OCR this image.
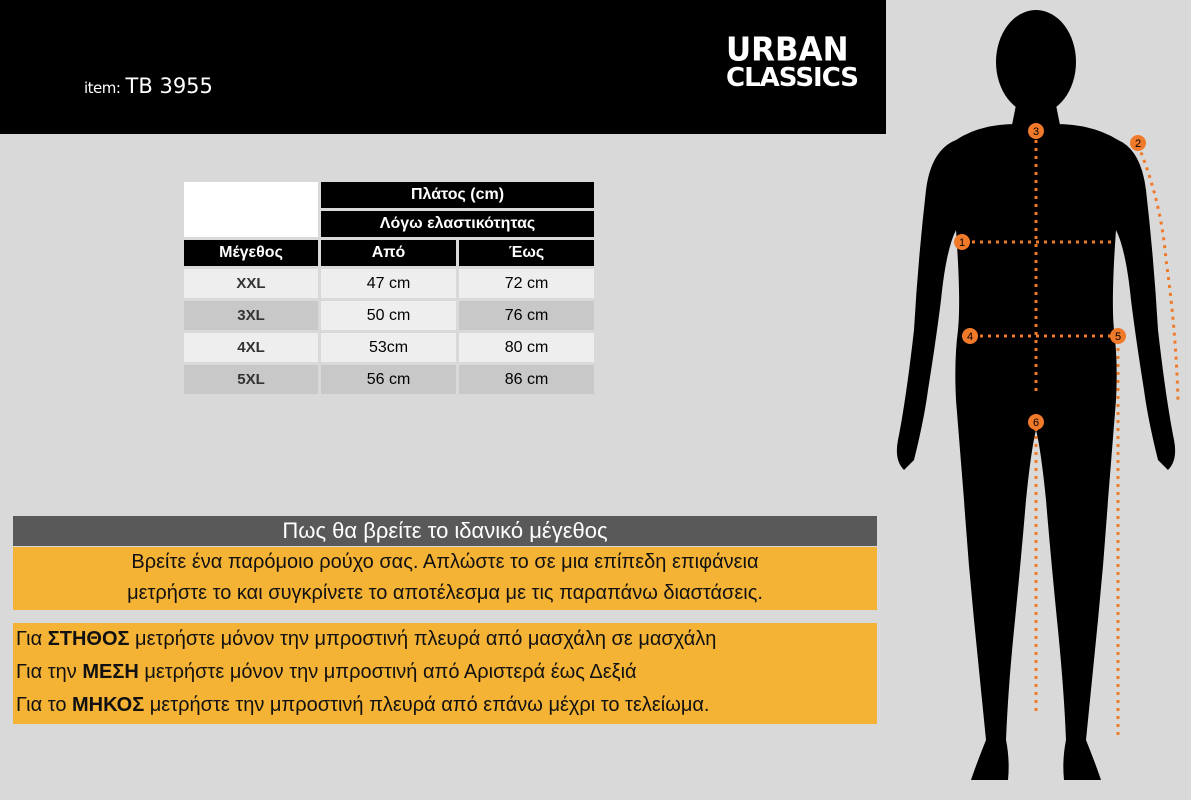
item: TB 3955
URBAN
CLASSICS
	Πλάτος (cm)	
	Λόγω ελαστικότητας	
Μέγεθος	Από	Έως
XXL	47 cm	72 cm
3XL	50 cm	76 cm
4XL	53cm	80 cm
5XL	56 cm	86 cm
Πως θα βρείτε το ιδανικό μέγεθος
Βρείτε ένα παρόμοιο ρούχο σας. Απλώστε το σε μια επίπεδη επιφάνεια
μετρήστε το και συγκρίνετε το αποτέλεσμα με τις παραπάνω διαστάσεις.
Για ΣΤΗΘΟΣ μετρήστε μόνον την μπροστινή πλευρά από μασχάλη σε μασχάλη
Για την ΜΕΣΗ μετρήστε μόνον την μπροστινή από Αριστερά έως Δεξιά
Για το ΜΗΚΟΣ μετρήστε την μπροστινή πλευρά από επάνω μέχρι το τελείωμα.
1
2
3
4	5
6
